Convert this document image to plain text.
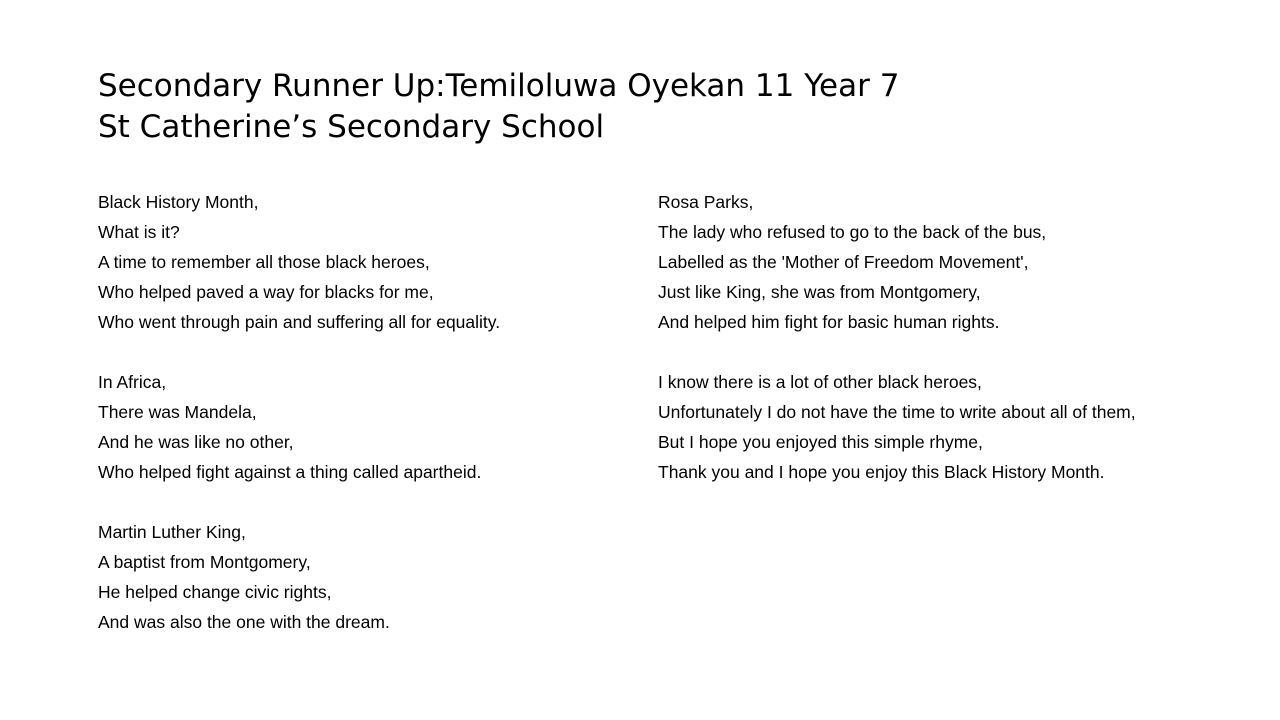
Secondary Runner Up:Temiloluwa Oyekan 11 Year 7
St Catherine’s Secondary School
Black History Month,
What is it?
A time to remember all those black heroes,
Who helped paved a way for blacks for me,
Who went through pain and suffering all for equality.
In Africa,
There was Mandela,
And he was like no other,
Who helped fight against a thing called apartheid.
Martin Luther King,
A baptist from Montgomery,
He helped change civic rights,
And was also the one with the dream.
Rosa Parks,
The lady who refused to go to the back of the bus,
Labelled as the 'Mother of Freedom Movement',
Just like King, she was from Montgomery,
And helped him fight for basic human rights.
I know there is a lot of other black heroes,
Unfortunately I do not have the time to write about all of them,
But I hope you enjoyed this simple rhyme,
Thank you and I hope you enjoy this Black History Month.
